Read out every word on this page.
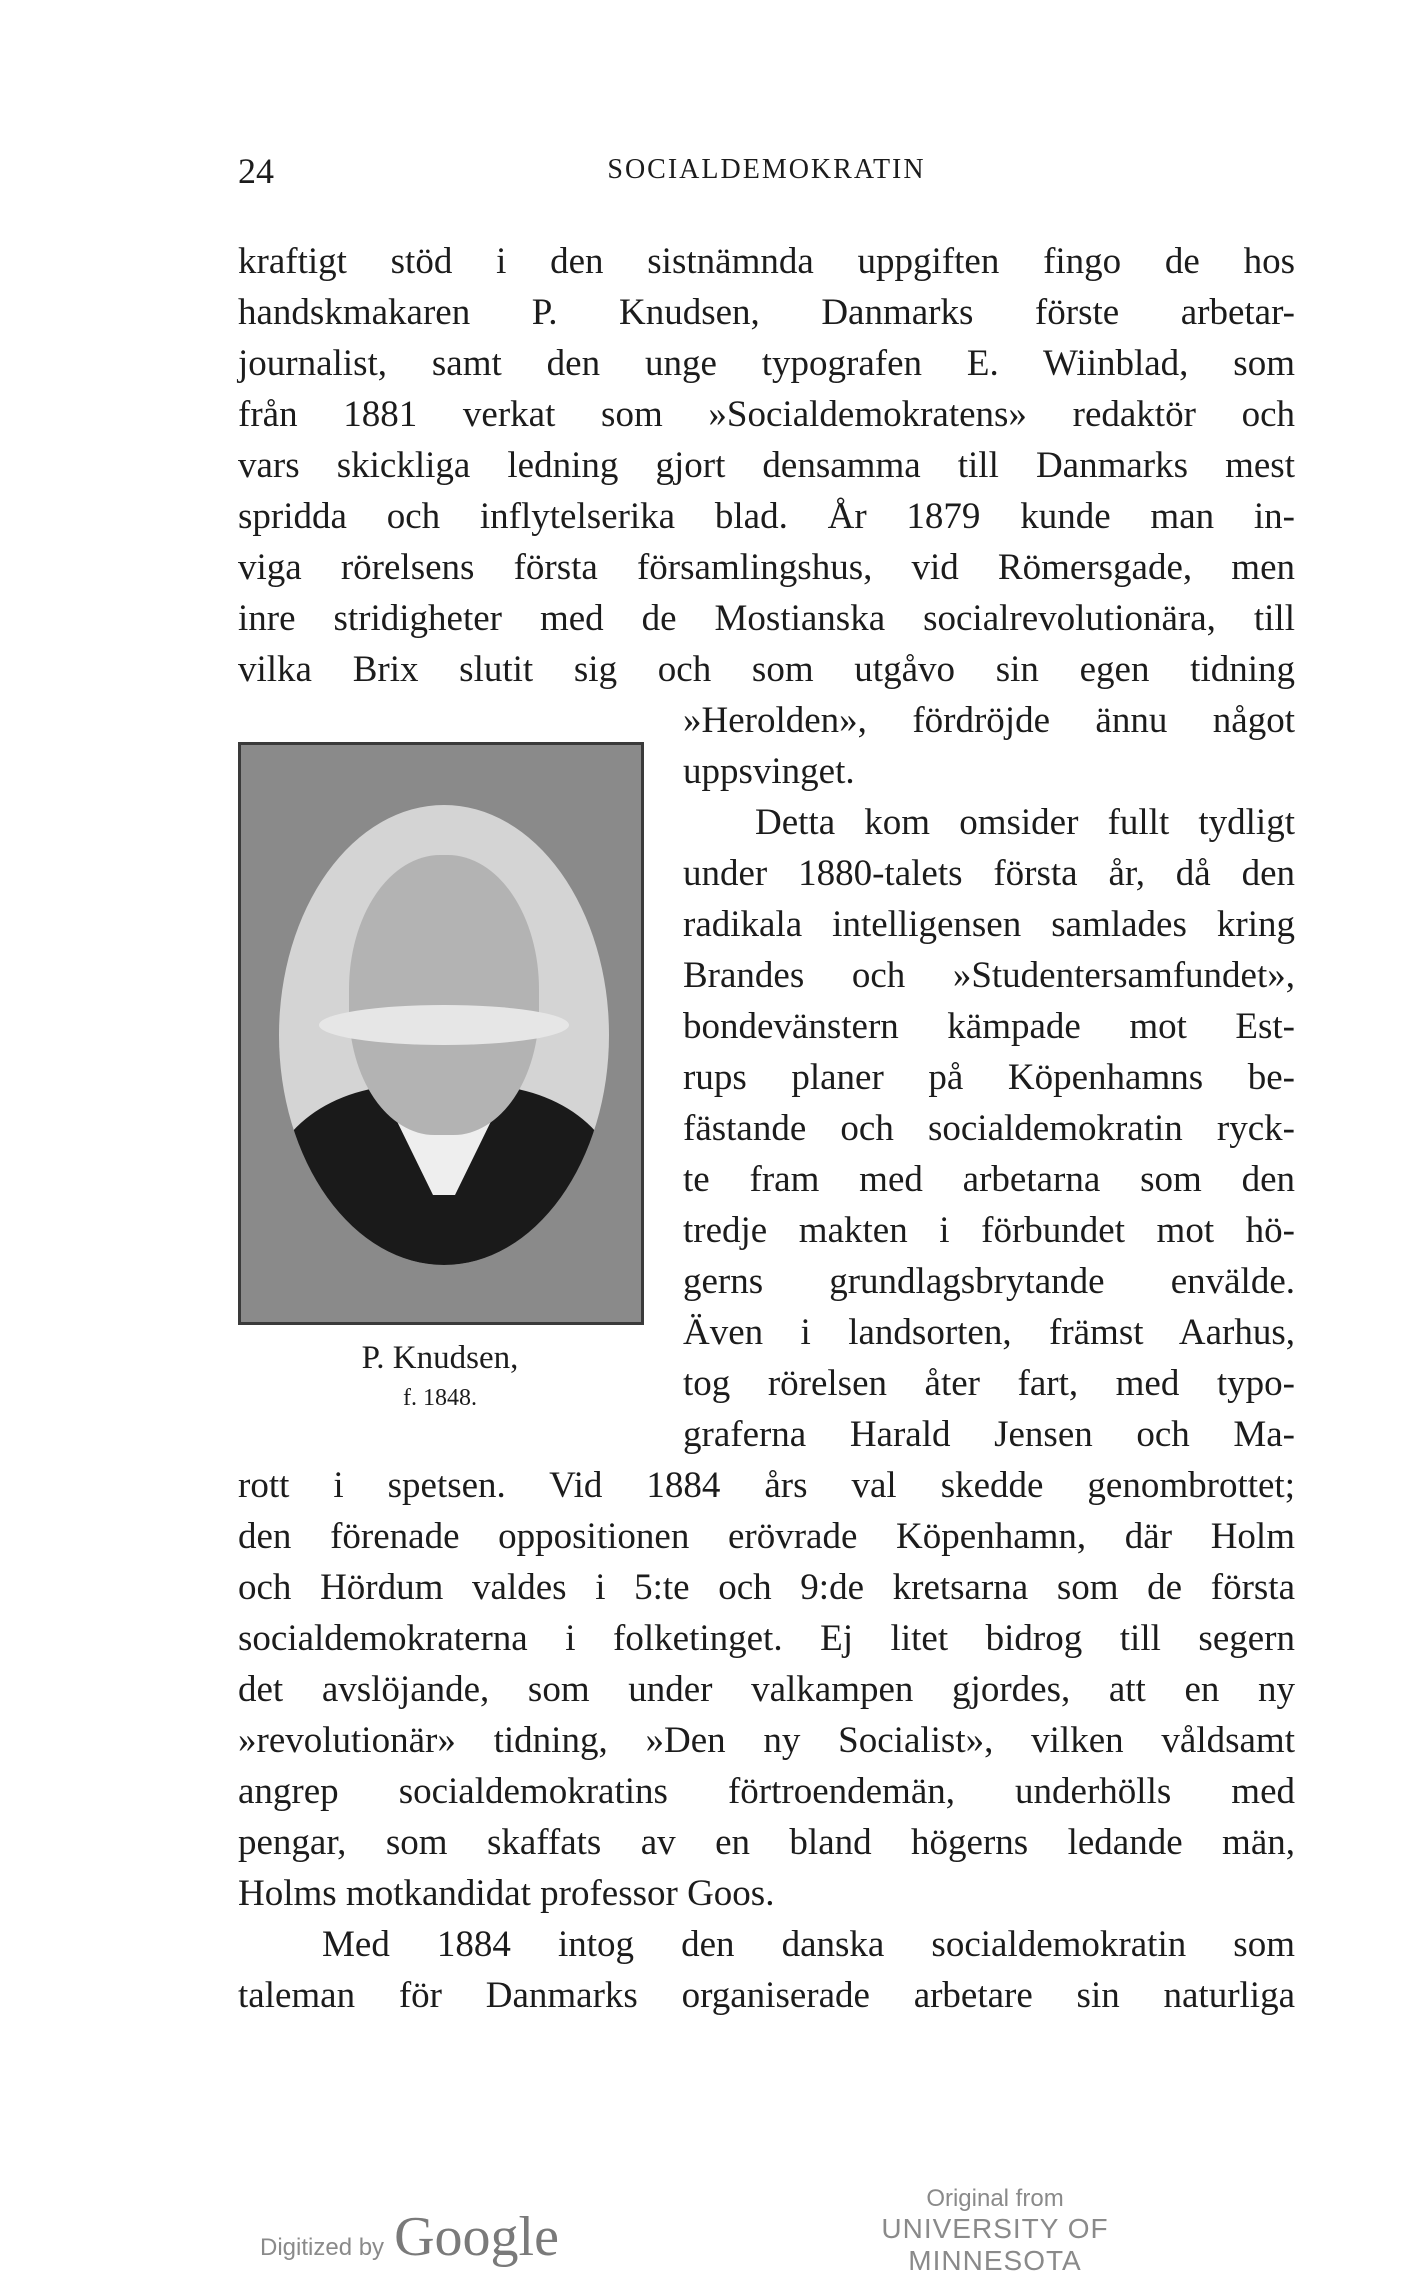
24	SOCIALDEMOKRATIN
kraftigt stöd i den sistnämnda uppgiften fingo de hos
handskmakaren P. Knudsen, Danmarks förste arbetar-
journalist, samt den unge typografen E. Wiinblad, som
från 1881 verkat som »Socialdemokratens» redaktör och
vars skickliga ledning gjort densamma till Danmarks mest
spridda och inflytelserika blad. År 1879 kunde man in-
viga rörelsens första församlingshus, vid Römersgade, men
inre stridigheter med de Mostianska socialrevolutionära, till
vilka Brix slutit sig och som utgåvo sin egen tidning
»Herolden», fördröjde ännu något
uppsvinget.
Detta kom omsider fullt tydligt
under 1880-talets första år, då den
radikala intelligensen samlades kring
Brandes och »Studentersamfundet»,
bondevänstern kämpade mot Est-
rups planer på Köpenhamns be-
fästande och socialdemokratin ryck-
te fram med arbetarna som den
tredje makten i förbundet mot hö-
gerns grundlagsbrytande envälde.
Även i landsorten, främst Aarhus,
tog rörelsen åter fart, med typo-
graferna Harald Jensen och Ma-
rott i spetsen. Vid 1884 års val skedde genombrottet;
den förenade oppositionen erövrade Köpenhamn, där Holm
och Hördum valdes i 5:te och 9:de kretsarna som de första
socialdemokraterna i folketinget. Ej litet bidrog till segern
det avslöjande, som under valkampen gjordes, att en ny
»revolutionär» tidning, »Den ny Socialist», vilken våldsamt
angrep socialdemokratins förtroendemän, underhölls med
pengar, som skaffats av en bland högerns ledande män,
Holms motkandidat professor Goos.
Med 1884 intog den danska socialdemokratin som
taleman för Danmarks organiserade arbetare sin naturliga
P. Knudsen,
f. 1848.
Digitized by Google
Original from
UNIVERSITY OF MINNESOTA
